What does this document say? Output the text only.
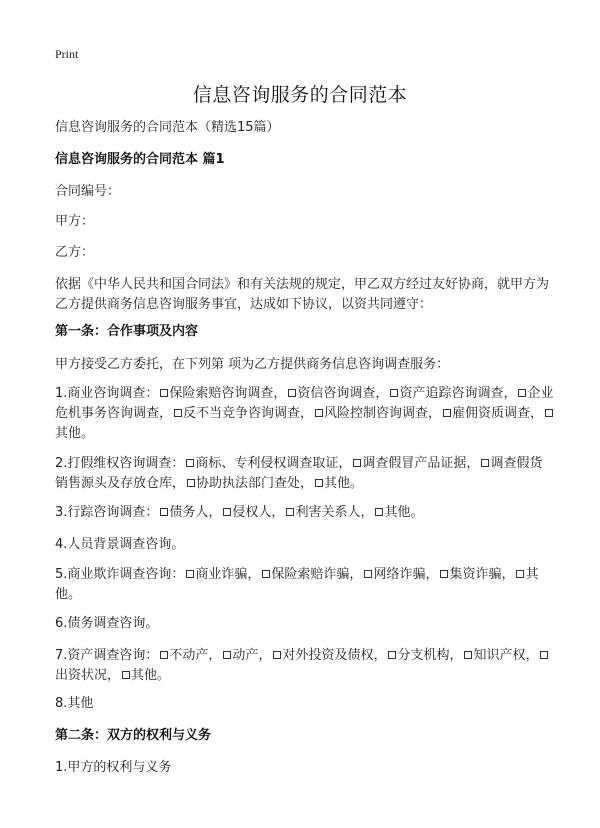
Print
信息咨询服务的合同范本

信息咨询服务的合同范本（精选15篇）

信息咨询服务的合同范本 篇1

合同编号：

甲方：

乙方：

依据《中华人民共和国合同法》和有关法规的规定，甲乙双方经过友好协商，就甲方为乙方提供商务信息咨询服务事宜，达成如下协议，以资共同遵守：

第一条：合作事项及内容

甲方接受乙方委托，在下列第 项为乙方提供商务信息咨询调查服务：

1.商业咨询调查： 保险索赔咨询调查， 资信咨询调查， 资产追踪咨询调查， 企业危机事务咨询调查， 反不当竞争咨询调查， 风险控制咨询调查， 雇佣资质调查，其他。

2.打假维权咨询调查： 商标、专利侵权调查取证， 调查假冒产品证据， 调查假货销售源头及存放仓库， 协助执法部门查处， 其他。

3.行踪咨询调查： 债务人， 侵权人， 利害关系人， 其他。

4.人员背景调查咨询。

5.商业欺诈调查咨询： 商业诈骗， 保险索赔诈骗， 网络诈骗， 集资诈骗， 其他。

6.债务调查咨询。

7.资产调查咨询： 不动产， 动产， 对外投资及债权， 分支机构， 知识产权，出资状况， 其他。

8.其他

第二条：双方的权利与义务

1.甲方的权利与义务
